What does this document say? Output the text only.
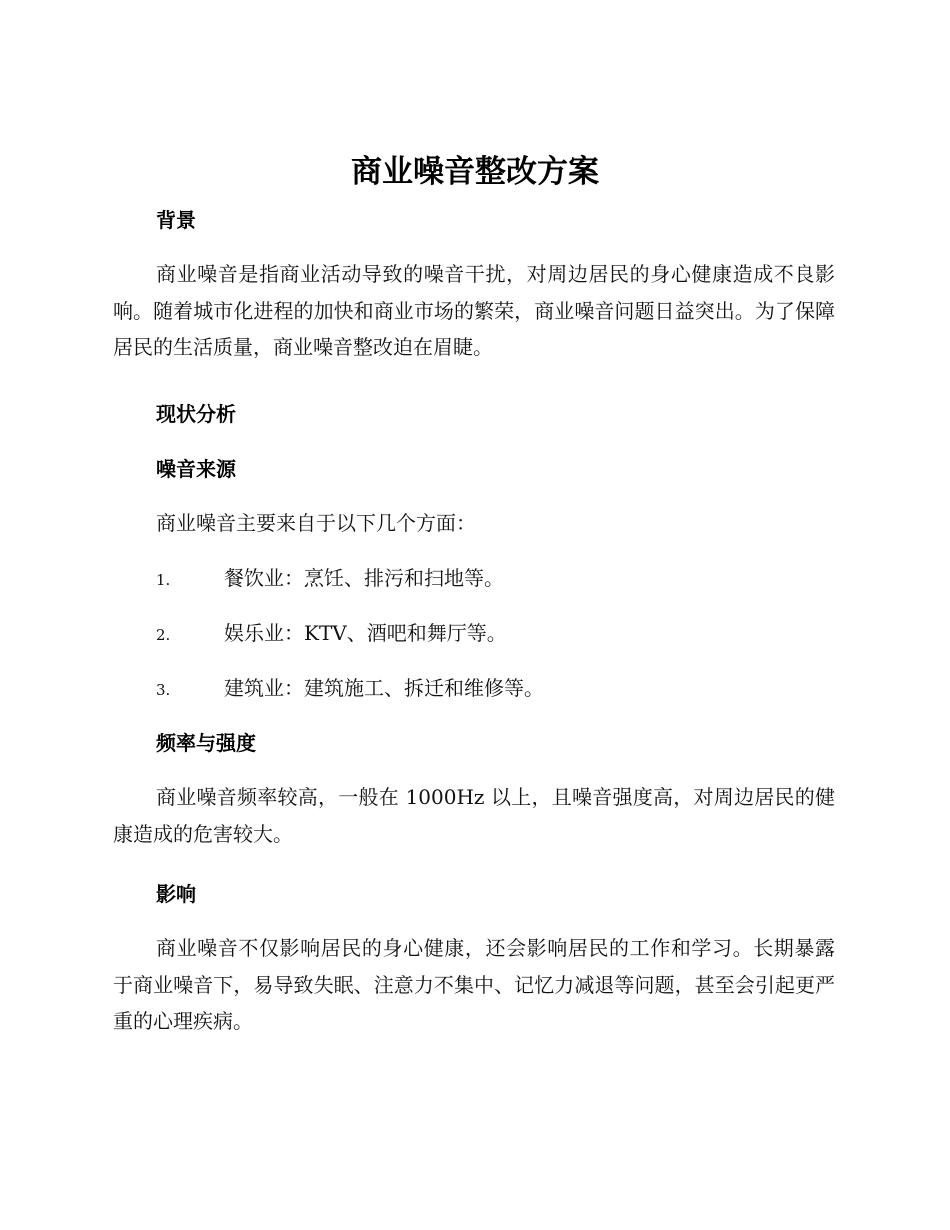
商业噪音整改方案
背景
商业噪音是指商业活动导致的噪音干扰，对周边居民的身心健康造成不良影响。随着城市化进程的加快和商业市场的繁荣，商业噪音问题日益突出。为了保障居民的生活质量，商业噪音整改迫在眉睫。
现状分析
噪音来源
商业噪音主要来自于以下几个方面：
1.	餐饮业：烹饪、排污和扫地等。
2.	娱乐业：KTV、酒吧和舞厅等。
3.	建筑业：建筑施工、拆迁和维修等。
频率与强度
商业噪音频率较高，一般在 1000Hz 以上，且噪音强度高，对周边居民的健康造成的危害较大。
影响
商业噪音不仅影响居民的身心健康，还会影响居民的工作和学习。长期暴露于商业噪音下，易导致失眠、注意力不集中、记忆力减退等问题，甚至会引起更严重的心理疾病。
